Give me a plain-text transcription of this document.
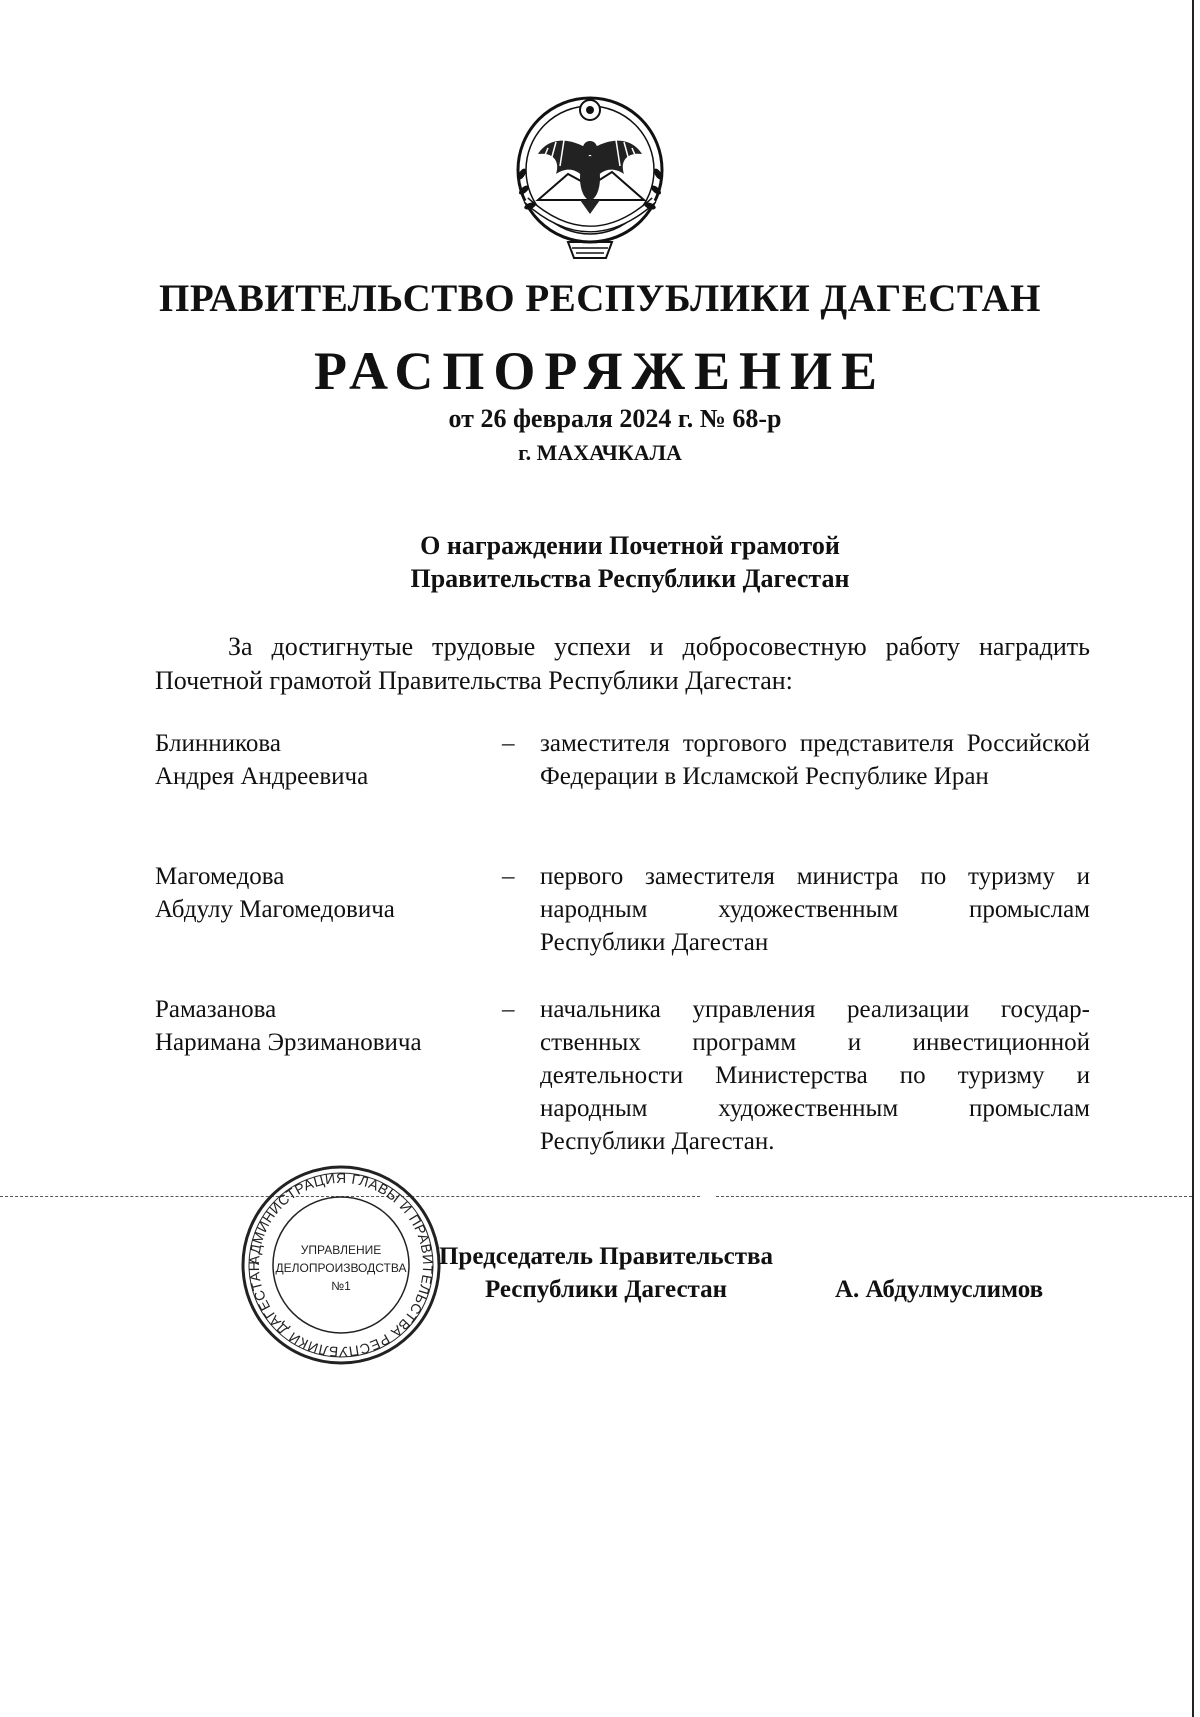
ПРАВИТЕЛЬСТВО РЕСПУБЛИКИ ДАГЕСТАН
РАСПОРЯЖЕНИЕ
от 26 февраля 2024 г. № 68-р
г. МАХАЧКАЛА
О награждении Почетной грамотой
Правительства Республики Дагестан
За достигнутые трудовые успехи и добросовестную работу наградить Почетной грамотой Правительства Республики Дагестан:
Блинникова
Андрея Андреевича
– заместителя торгового представителя Российской Федерации в Исламской Республике Иран
Магомедова
Абдулу Магомедовича
– первого заместителя министра по туризму и народным художественным промыслам Республики Дагестан
Рамазанова
Наримана Эрзимановича
– начальника управления реализации государ-ственных программ и инвестиционной деятельности Министерства по туризму и народным художественным промыслам Республики Дагестан.
АДМИНИСТРАЦИЯ ГЛАВЫ И ПРАВИТЕЛЬСТВА РЕСПУБЛИКИ ДАГЕСТАН
УПРАВЛЕНИЕ
ДЕЛОПРОИЗВОДСТВА
№1
Председатель Правительства
Республики Дагестан	А. Абдулмуслимов
